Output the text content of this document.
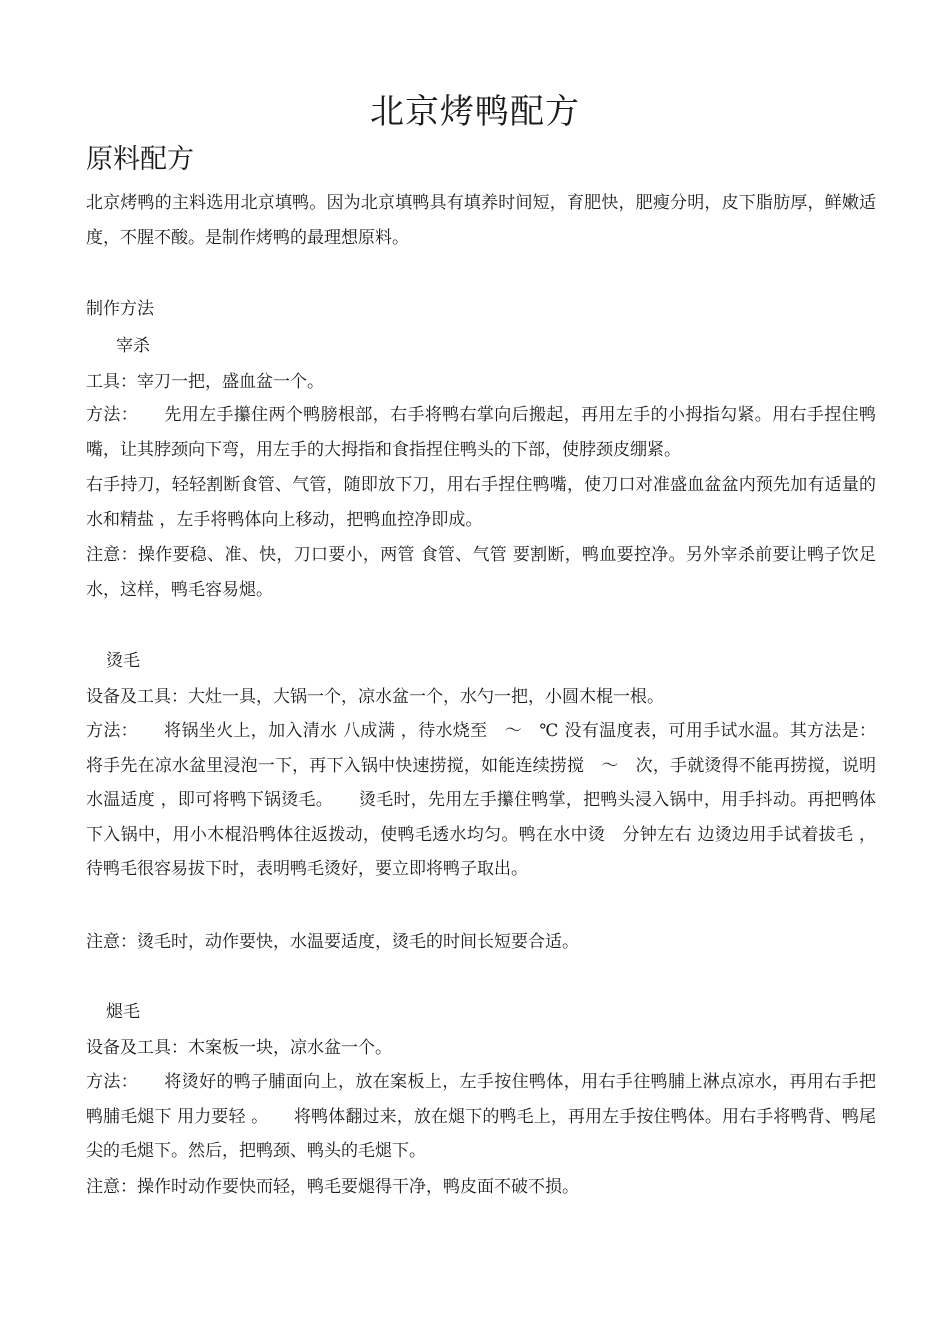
北京烤鸭配方
原料配方
北京烤鸭的主料选用北京填鸭。因为北京填鸭具有填养时间短，育肥快，肥瘦分明，皮下脂肪厚，鲜嫩适度，不腥不酸。是制作烤鸭的最理想原料。
制作方法
宰杀
工具：宰刀一把，盛血盆一个。
方法：　　先用左手攥住两个鸭膀根部，右手将鸭右掌向后搬起，再用左手的小拇指勾紧。用右手捏住鸭嘴，让其脖颈向下弯，用左手的大拇指和食指捏住鸭头的下部，使脖颈皮绷紧。
右手持刀，轻轻割断食管、气管，随即放下刀，用右手捏住鸭嘴，使刀口对准盛血盆盆内预先加有适量的水和精盐 ，左手将鸭体向上移动，把鸭血控净即成。
注意：操作要稳、准、快，刀口要小，两管 食管、气管 要割断，鸭血要控净。另外宰杀前要让鸭子饮足水，这样，鸭毛容易煺。
烫毛
设备及工具：大灶一具，大锅一个，凉水盆一个，水勺一把，小圆木棍一根。
方法：　　将锅坐火上，加入清水 八成满 ，待水烧至　～　℃ 没有温度表，可用手试水温。其方法是：将手先在凉水盆里浸泡一下，再下入锅中快速捞搅，如能连续捞搅　～　次，手就烫得不能再捞搅，说明水温适度 ，即可将鸭下锅烫毛。　　烫毛时，先用左手攥住鸭掌，把鸭头浸入锅中，用手抖动。再把鸭体下入锅中，用小木棍沿鸭体往返拨动，使鸭毛透水均匀。鸭在水中烫　分钟左右 边烫边用手试着拔毛 ，待鸭毛很容易拔下时，表明鸭毛烫好，要立即将鸭子取出。
注意：烫毛时，动作要快，水温要适度，烫毛的时间长短要合适。
煺毛
设备及工具：木案板一块，凉水盆一个。
方法：　　将烫好的鸭子脯面向上，放在案板上，左手按住鸭体，用右手往鸭脯上淋点凉水，再用右手把鸭脯毛煺下 用力要轻 。　　将鸭体翻过来，放在煺下的鸭毛上，再用左手按住鸭体。用右手将鸭背、鸭尾尖的毛煺下。然后，把鸭颈、鸭头的毛煺下。
注意：操作时动作要快而轻，鸭毛要煺得干净，鸭皮面不破不损。
